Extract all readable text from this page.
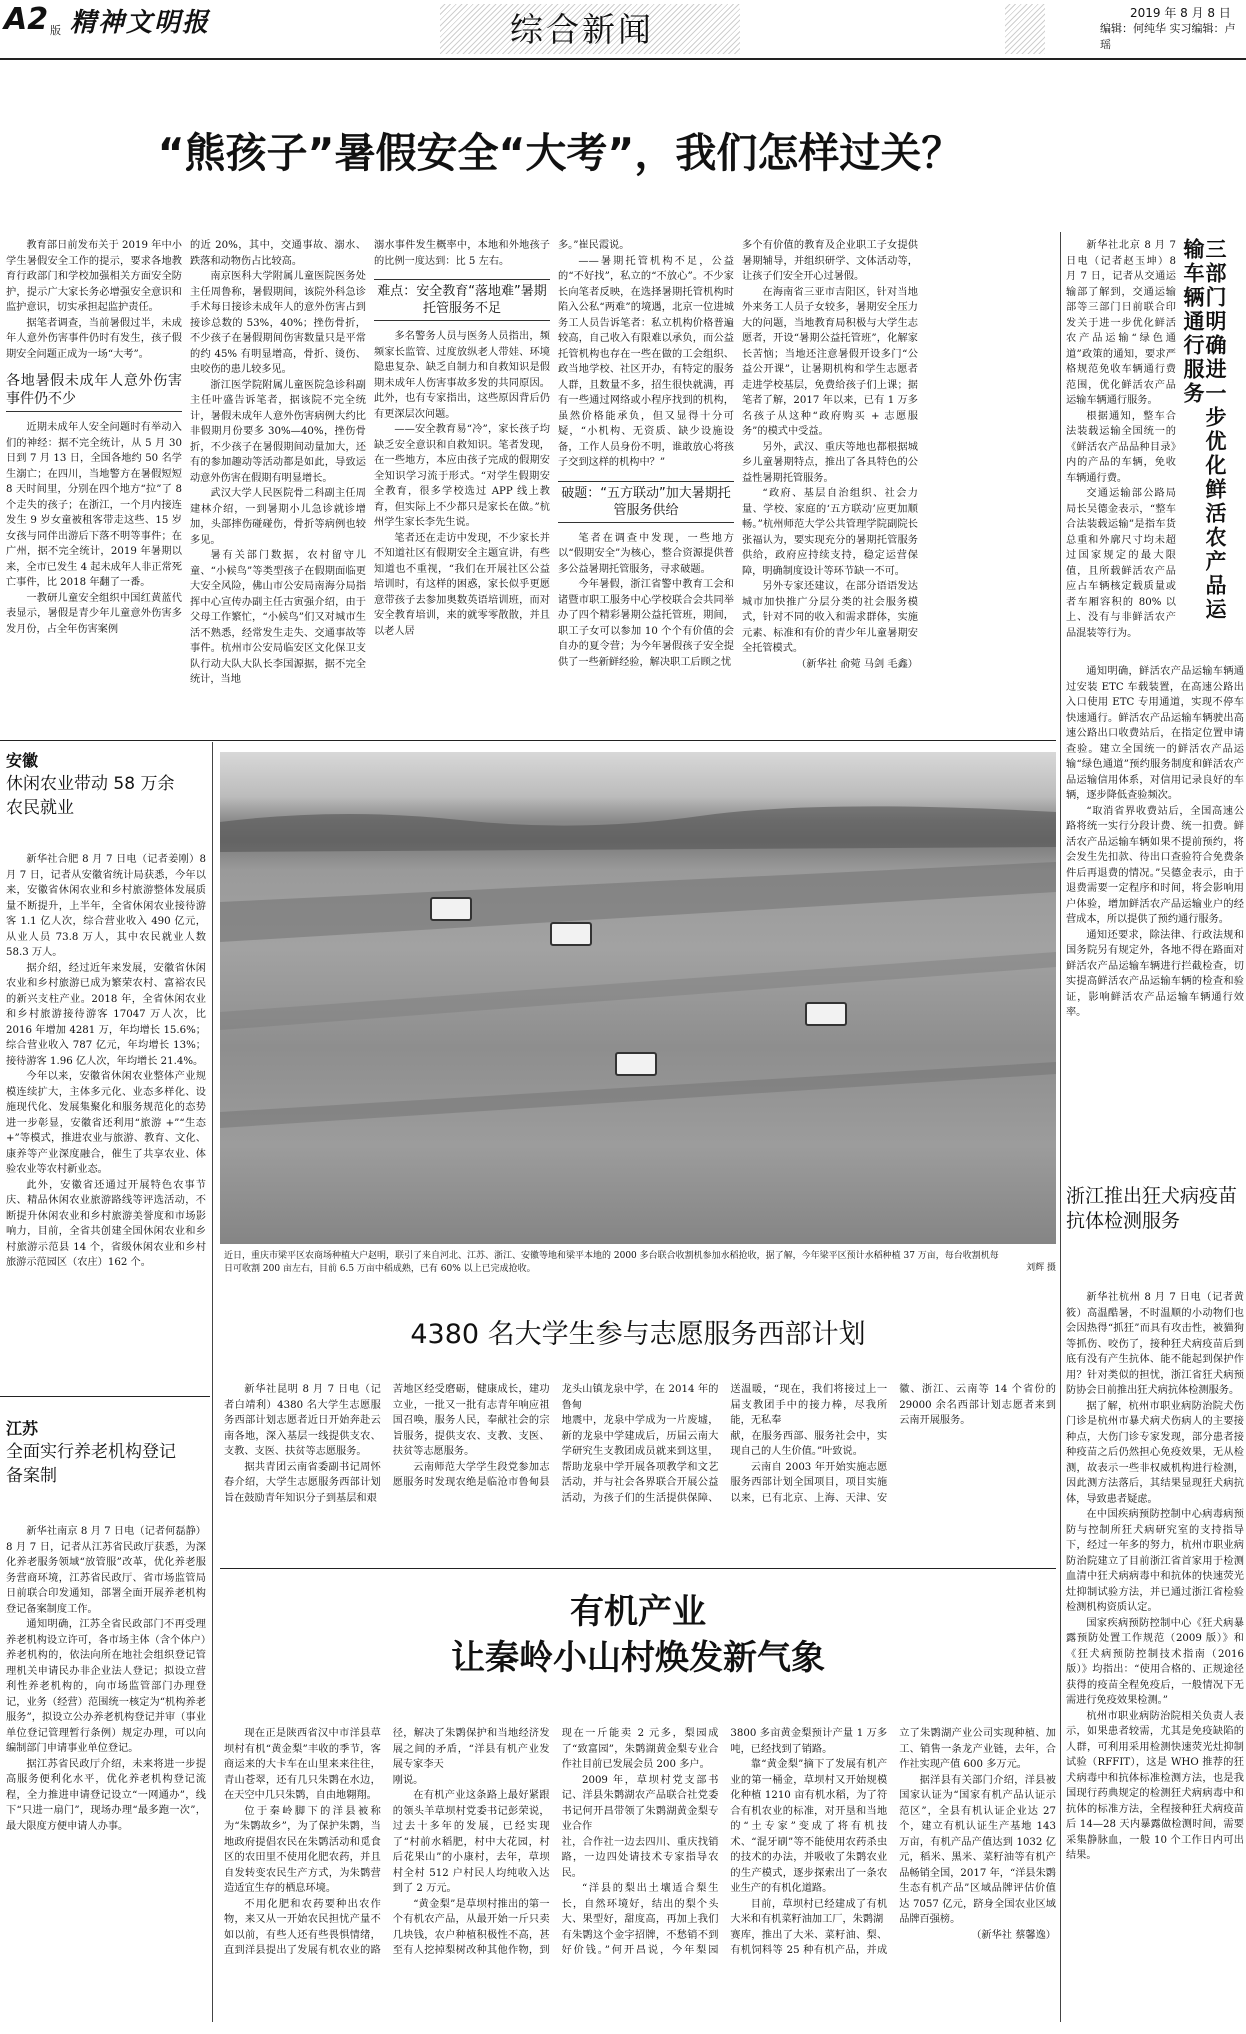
A2 版 精神文明报	综合新闻	2019 年 8 月 8 日
编辑：何纯华 实习编辑：卢瑶
“熊孩子”暑假安全“大考”，我们怎样过关？

教育部日前发布关于 2019 年中小学生暑假安全工作的提示，要求各地教育行政部门和学校加强相关方面安全防护，提示广大家长务必增强安全意识和监护意识，切实承担起监护责任。

据笔者调查，当前暑假过半，未成年人意外伤害事件仍时有发生，孩子假期安全问题正成为一场“大考”。

各地暑假未成年人意外伤害事件仍不少

近期未成年人安全问题时有举动入们的神经：据不完全统计，从 5 月 30 日到 7 月 13 日，全国各地约 50 名学生溺亡；在四川，当地警方在暑假短短 8 天时间里，分别在四个地方“拉”了 8 个走失的孩子；在浙江，一个月内接连发生 9 岁女童被租客带走这些、15 岁女孩与同伴出游后下落不明等事件；在广州，据不完全统计，2019 年暑期以来，全市已发生 4 起未成年人非正常死亡事件，比 2018 年翻了一番。

一教研儿童安全组织中国红黄蓝代表显示，暑假是青少年儿童意外伤害多发月份，占全年伤害案例

的近 20%，其中，交通事故、溺水、跌落和动物伤占比较高。

南京医科大学附属儿童医院医务处主任周鲁称，暑假期间，该院外科急诊手术每日接诊未成年人的意外伤害占到接诊总数的 53%，40%；挫伤骨折，不少孩子在暑假期间伤害数量只是平常的约 45% 有明显增高，骨折、烫伤、虫咬伤的患儿较多见。

浙江医学院附属儿童医院急诊科副主任叶盛告诉笔者，据该院不完全统计，暑假未成年人意外伤害病例大约比非假期月份要多 30%—40%，挫伤骨折，不少孩子在暑假期间动量加大，还有的参加趣动等活动都是如此，导致运动意外伤害在假期有明显增长。

武汉大学人民医院骨二科副主任周建林介绍，一到暑期小儿急诊就诊增加，头部摔伤碰碰伤，骨折等病例也较多见。

暑有关部门数据，农村留守儿童、“小候鸟”等类型孩子在假期面临更大安全风险，佛山市公安局南海分局指挥中心宣传办副主任古寅强介绍，由于父母工作繁忙，“小候鸟”们又对城市生活不熟悉，经常发生走失、交通事故等事件。杭州市公安局临安区文化保卫支队行动大队大队长李国源据，据不完全统计，当地

溺水事件发生概率中，本地和外地孩子的比例一度达到：比 5 左右。

难点：安全教育“落地难”暑期托管服务不足

多名警务人员与医务人员指出，频频家长监管、过度放纵老人带娃、环境隐患复杂、缺乏自制力和自救知识是假期未成年人伤害事故多发的共同原因。此外，也有专家指出，这些原因背后仍有更深层次问题。

——安全教育易“冷”，家长孩子均缺乏安全意识和自救知识。笔者发现，在一些地方，本应由孩子完成的假期安全知识学习流于形式。“对学生假期安全教育，很多学校选过 APP 线上教育，但实际上不少都只是家长在做。”杭州学生家长李先生说。

笔者还在走访中发现，不少家长并不知道社区有假期安全主题宣讲，有些知道也不重视，“我们在开展社区公益培训时，有这样的困惑，家长似乎更愿意带孩子去参加奥数英语培训班，而对安全教育培训，来的就零零散散，并且以老人居

多。”崔民霞说。

——暑期托管机构不足，公益的“不好找”，私立的“不放心”。不少家长向笔者反映，在选择暑期托管机构时陷入公私“两难”的境遇，北京一位进城务工人员告诉笔者：私立机构价格普遍较高，自己收入有限难以承负，而公益托管机构也存在一些在做的工会组织、政当地学校、社区开办，有特定的服务人群，且数量不多，招生很快就满，再有一些通过网络或小程序找到的机构，虽然价格能承负，但又显得十分可疑，“小机构、无资质、缺少设施设备，工作人员身份不明，谁敢放心将孩子交到这样的机构中？”

破题：“五方联动”加大暑期托管服务供给

笔者在调查中发现，一些地方以“假期安全”为核心，整合资源提供普多公益暑期托管服务，寻求破题。

今年暑假，浙江省警中教育工会和诸暨市职工服务中心学校联合会共同举办了四个精彩暑期公益托管班，期间，职工子女可以参加 10 个个有价值的会自办的夏令营；为今年暑假孩子安全提供了一些新鲜经验，解决职工后顾之忧

多个有价值的教育及企业职工子女提供暑期辅导，并组织研学、文体活动等，让孩子们安全开心过暑假。

在海南省三亚市吉阳区，针对当地外来务工人员子女较多，暑期安全压力大的问题，当地教育局积极与大学生志愿者，开设“暑期公益托管班”，化解家长苦恼；当地还注意暑假开设多门“公益公开课”，让暑期机构和学生志愿者走进学校基层，免费给孩子们上课；据笔者了解，2017 年以来，已有 1 万多名孩子从这种“政府购买 + 志愿服务”的模式中受益。

另外，武汉、重庆等地也都根据城乡儿童暑期特点，推出了各具特色的公益性暑期托管服务。

“政府、基层自治组织、社会力量、学校、家庭的‘五方联动’应更加顺畅。”杭州师范大学公共管理学院副院长张福认为，要实现充分的暑期托管服务供给，政府应持续支持，稳定运营保障，明确制度设计等环节缺一不可。

另外专家还建议，在部分语语发达城市加快推广分层分类的社会服务模式，针对不同的收入和需求群体，实施元素、标准和有价的青少年儿童暑期安全托管模式。

（新华社 俞菀 马剑 毛鑫）

三部门明确进一步优化鲜活农产品运输车辆通行服务

新华社北京 8 月 7 日电（记者赵玉坤）8 月 7 日，记者从交通运输部了解到，交通运输部等三部门日前联合印发关于进一步优化鲜活农产品运输“绿色通道”政策的通知，要求严格规范免收车辆通行费范围，优化鲜活农产品运输车辆通行服务。

根据通知，整车合法装载运输全国统一的《鲜活农产品品种目录》内的产品的车辆，免收车辆通行费。

交通运输部公路局局长吴德金表示，“整车合法装载运输”是指车货总重和外廓尺寸均未超过国家规定的最大限值，且所载鲜活农产品应占车辆核定载质量或者车厢容积的 80% 以上、没有与非鲜活农产品混装等行为。

通知明确，鲜活农产品运输车辆通过安装 ETC 车载装置，在高速公路出入口使用 ETC 专用通道，实现不停车快速通行。鲜活农产品运输车辆驶出高速公路出口收费站后，在指定位置申请查验。建立全国统一的鲜活农产品运输“绿色通道”预约服务制度和鲜活农产品运输信用体系，对信用记录良好的车辆，逐步降低查验频次。

“取消省界收费站后，全国高速公路将统一实行分段计费、统一扣费。鲜活农产品运输车辆如果不提前预约，将会发生先扣款、待出口查验符合免费条件后再退费的情况。”吴德金表示，由于退费需要一定程序和时间，将会影响用户体验，增加鲜活农产品运输业户的经营成本，所以提供了预约通行服务。

通知还要求，除法律、行政法规和国务院另有规定外，各地不得在路面对鲜活农产品运输车辆进行拦截检查，切实提高鲜活农产品运输车辆的检查和验证，影响鲜活农产品运输车辆通行效率。

浙江推出狂犬病疫苗抗体检测服务

新华社杭州 8 月 7 日电（记者黄筱）高温酷暑，不时温顺的小动物们也会因热得“抓狂”而具有攻击性，被猫狗等抓伤、咬伤了，接种狂犬病疫苗后到底有没有产生抗体、能不能起到保护作用？针对类似的担忧，浙江省狂犬病预防协会日前推出狂犬病抗体检测服务。

据了解，杭州市职业病防治院犬伤门诊是杭州市暴犬病犬伤病人的主要接种点，大伤门诊专家发现，部分患者接种疫苗之后仍然担心免疫效果，无从检测，故表示一些非权威机构进行检测，因此测方法落后，其结果显现狂犬病抗体，导致患者疑虑。

在中国疾病预防控制中心病毒病预防与控制所狂犬病研究室的支持指导下，经过一年多的努力，杭州市职业病防治院建立了目前浙江省首家用于检测血清中狂犬病病毒中和抗体的快速荧光灶抑制试验方法，并已通过浙江省检验检测机构资质认定。

国家疾病预防控制中心《狂犬病暴露预防处置工作规范（2009 版）》和《狂犬病预防控制技术指南（2016 版）》均指出：“使用合格的、正规途径获得的疫苗全程免疫后，一般情况下无需进行免疫效果检测。”

杭州市职业病防治院相关负责人表示，如果患者较需，尤其是免疫缺陷的人群，可利用采用检测快速荧光灶抑制试验（RFFIT），这是 WHO 推荐的狂犬病毒中和抗体标准检测方法，也是我国现行药典规定的检测狂犬病病毒中和抗体的标准方法，全程接种狂犬病疫苗后 14—28 天内暴露做检测时间，需要采集静脉血，一般 10 个工作日内可出结果。

安徽
休闲农业带动 58 万余农民就业

新华社合肥 8 月 7 日电（记者姜刚）8 月 7 日，记者从安徽省统计局获悉，今年以来，安徽省休闲农业和乡村旅游整体发展质量不断提升，上半年，全省休闲农业接待游客 1.1 亿人次，综合营业收入 490 亿元，从业人员 73.8 万人，其中农民就业人数 58.3 万人。

据介绍，经过近年来发展，安徽省休闲农业和乡村旅游已成为繁荣农村、富裕农民的新兴支柱产业。2018 年，全省休闲农业和乡村旅游接待游客 17047 万人次，比 2016 年增加 4281 万，年均增长 15.6%；综合营业收入 787 亿元，年均增长 13%；接待游客 1.96 亿人次，年均增长 21.4%。

今年以来，安徽省休闲农业整体产业规模连续扩大，主体多元化、业态多样化、设施现代化、发展集聚化和服务规范化的态势进一步彰显，安徽省还利用“旅游 +”“生态 +”等模式，推进农业与旅游、教育、文化、康养等产业深度融合，催生了共享农业、体验农业等农村新业态。

此外，安徽省还通过开展特色农事节庆、精品休闲农业旅游路线等评选活动，不断提升休闲农业和乡村旅游美誉度和市场影响力，目前，全省共创建全国休闲农业和乡村旅游示范县 14 个，省级休闲农业和乡村旅游示范园区（农庄）162 个。

江苏
全面实行养老机构登记备案制

新华社南京 8 月 7 日电（记者何磊静）8 月 7 日，记者从江苏省民政厅获悉，为深化养老服务领域“放管服”改革，优化养老服务营商环境，江苏省民政厅、省市场监管局日前联合印发通知，部署全面开展养老机构登记备案制度工作。

通知明确，江苏全省民政部门不再受理养老机构设立许可，各市场主体（含个体户）养老机构的，依法向所在地社会组织登记管理机关申请民办非企业法人登记；拟设立营利性养老机构的，向市场监管部门办理登记，业务（经营）范围统一核定为“机构养老服务”，拟设立公办养老机构登记并审（事业单位登记管理暂行条例）规定办理，可以向编制部门申请事业单位登记。

据江苏省民政厅介绍，未来将进一步提高服务便利化水平，优化养老机构登记流程，全力推进申请登记设立“一网通办”，线下“只进一扇门”，现场办理“最多跑一次”，最大限度方便申请人办事。

近日，重庆市梁平区农商场种植大户赵明，联引了来自河北、江苏、浙江、安徽等地和梁平本地的 2000 多台联合收割机参加水稻抢收，据了解，今年梁平区预计水稻种植 37 万亩，每台收割机每日可收割 200 亩左右，目前 6.5 万亩中稻成熟，已有 60% 以上已完成抢收。	刘辉 摄
4380 名大学生参与志愿服务西部计划

新华社昆明 8 月 7 日电（记者白靖利）4380 名大学生志愿服务西部计划志愿者近日开始奔赴云南各地，深入基层一线提供支农、支教、支医、扶贫等志愿服务。

据共青团云南省委副书记周怀春介绍，大学生志愿服务西部计划旨在鼓励青年知识分子到基层和艰

苦地区经受磨砺，健康成长，建功立业，一批又一批有志青年响应祖国召唤，服务人民，奉献社会的宗旨服务，提供支农、支教、支医、扶贫等志愿服务。

云南师范大学学生段党参加志愿服务时发现农绝是临沧市鲁甸县龙头山镇龙泉中学，在 2014 年的鲁甸

地震中，龙泉中学成为一片废墟，新的龙泉中学建成后，历届云南大学研究生支教团成员就来到这里，帮助龙泉中学开展各项教学和文艺活动，并与社会各界联合开展公益活动，为孩子们的生活提供保障、送温暖，“现在，我们将接过上一届支教团手中的接力棒，尽我所能，无私奉

献，在服务西部、服务社会中，实现自己的人生价值。”叶致说。

云南自 2003 年开始实施志愿服务西部计划全国项目，项目实施以来，已有北京、上海、天津、安徽、浙江、云南等 14 个省份的 29000 余名西部计划志愿者来到云南开展服务。

有机产业
让秦岭小山村焕发新气象

现在正是陕西省汉中市洋县草坝村有机“黄金梨”丰收的季节，客商运来的大卡车在山里来来往往，青山苍翠，还有几只朱鹮在水边，在天空中几只朱鹮，自由地翱翔。

位于秦岭脚下的洋县被称为“朱鹮故乡”，为了保护朱鹮，当地政府提倡农民在朱鹮活动和觅食区的农田里不使用化肥农药，并且自发转变农民生产方式，为朱鹮营造适宜生存的栖息环境。

不用化肥和农药要种出农作物，来又从一开始农民担忧产量不如以前，有些人还有些畏惧情绪，直到洋县提出了发展有机农业的路径，解决了朱鹮保护和当地经济发展之间的矛盾，“洋县有机产业发展专家李天

刚说。

在有机产业这条路上最好紧跟的领头羊草坝村党委书记彭荣说，过去十多年的发展，已经实现了“村前水稻肥，村中大花园，村后花果山”的小康村，去年，草坝村全村 512 户村民人均纯收入达到了 2 万元。

“黄金梨”是草坝村推出的第一个有机农产品，从最开始一斤只卖几块钱，农户种植积极性不高，甚至有人挖掉梨树改种其他作物，到现在一斤能卖 2 元多，梨园成了“致富园”，朱鹮湖黄金梨专业合作社目前已发展会员 200 多户。

2009 年，草坝村党支部书记、洋县朱鹮湖农产品联合社党委书记何开昌带领了朱鹮湖黄金梨专业合作

社，合作社一边去四川、重庆找销路，一边四处请技术专家指导农民。

“洋县的梨出土壤适合梨生长，自然环境好，结出的梨个头大、果型好，甜度高，再加上我们有朱鹮这个金字招牌，不愁销不到好价钱。”何开昌说，今年梨园 3800 多亩黄金梨预计产量 1 万多吨，已经找到了销路。

靠“黄金梨”摘下了发展有机产业的第一桶金，草坝村又开始规模化种植 1210 亩有机水稻，为了符合有机农业的标准，对开垦和当地的“土专家”变成了将有机技术、“混牙刷”等不能使用农药杀虫的技术的办法，并吸收了朱鹮农业的生产模式，逐步探索出了一条农业生产的有机化道路。

目前，草坝村已经建成了有机大米和有机菜籽油加工厂，朱鹮湖

赛库，推出了大米、菜籽油、梨、有机饲料等 25 种有机产品，并成立了朱鹮湖产业公司实现种植、加工、销售一条龙产业链，去年，合作社实现产值 600 多万元。

据洋县有关部门介绍，洋县被国家认证为“国家有机产品认证示范区”，全县有机认证企业达 27 个，建立有机认证生产基地 143 万亩，有机产品产值达到 1032 亿元，稻米、黑米、菜籽油等有机产品畅销全国，2017 年，“洋县朱鹮生态有机产品”区域品牌评估价值达 7057 亿元，跻身全国农业区域品牌百强榜。

（新华社 蔡馨逸）
